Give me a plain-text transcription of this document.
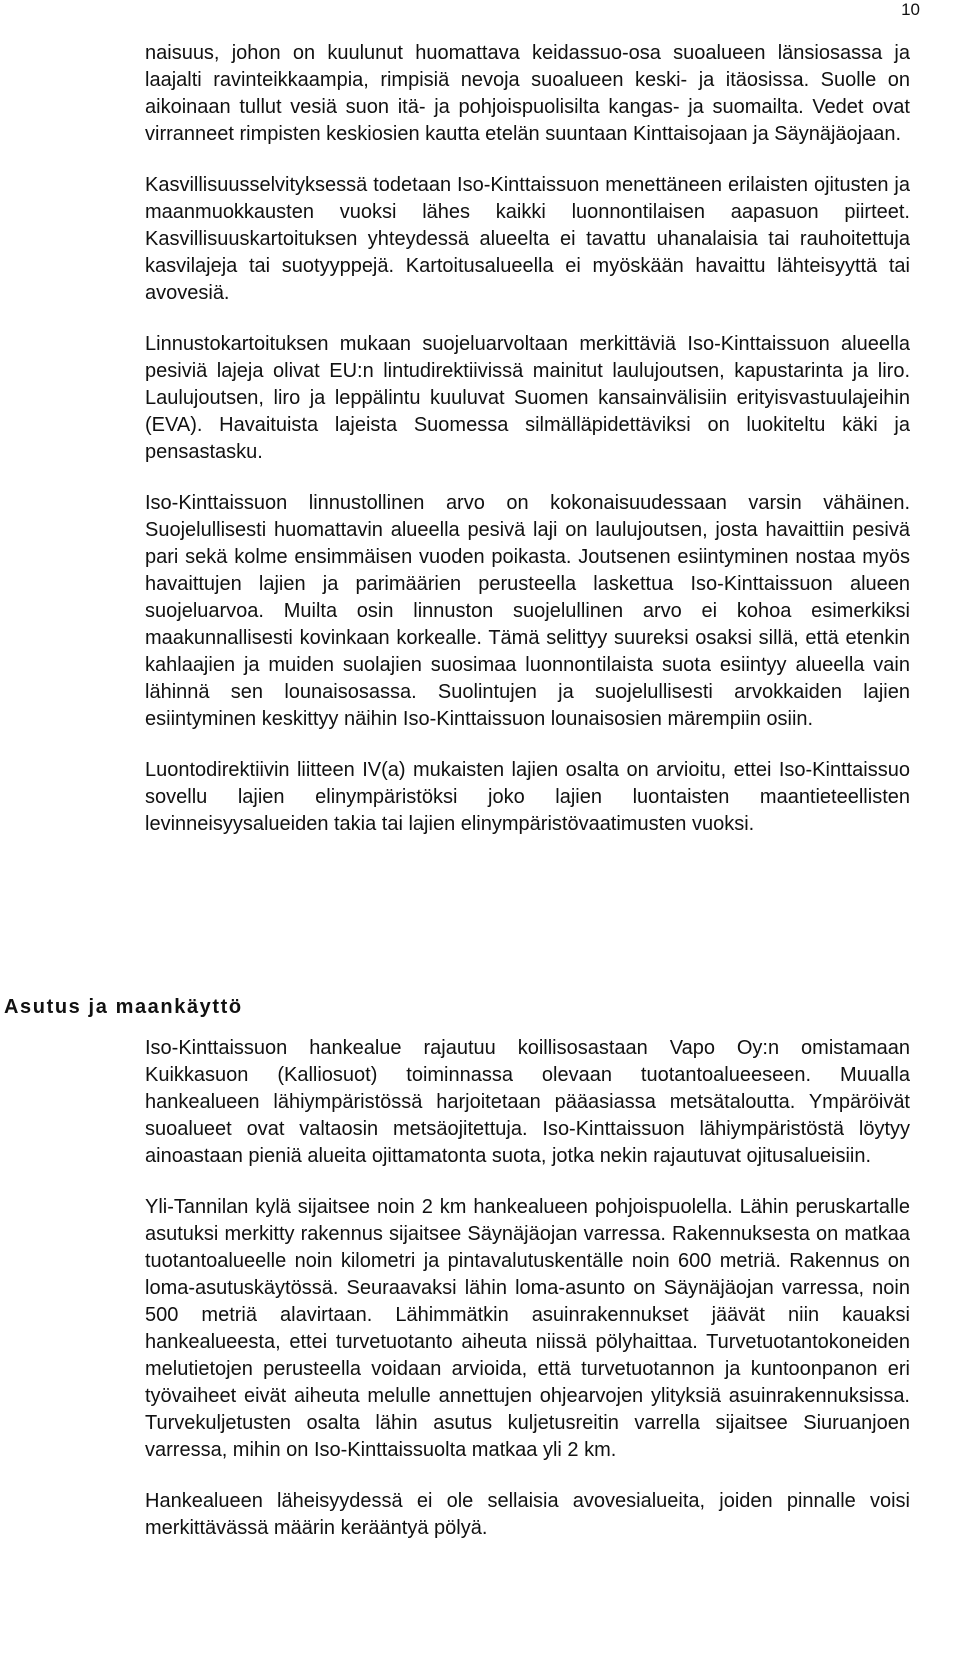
10

naisuus, johon on kuulunut huomattava keidassuo-osa suoalueen länsiosassa ja laajalti ravinteikkaampia, rimpisiä nevoja suoalueen keski- ja itäosissa. Suolle on aikoinaan tullut vesiä suon itä- ja pohjoispuolisilta kangas- ja suomailta. Vedet ovat virranneet rimpisten keskiosien kautta etelän suuntaan Kinttaisojaan ja Säynäjäojaan.

Kasvillisuusselvityksessä todetaan Iso-Kinttaissuon menettäneen erilaisten ojitusten ja maanmuokkausten vuoksi lähes kaikki luonnontilaisen aapasuon piirteet. Kasvillisuuskartoituksen yhteydessä alueelta ei tavattu uhanalaisia tai rauhoitettuja kasvilajeja tai suotyyppejä. Kartoitusalueella ei myöskään havaittu lähteisyyttä tai avovesiä.

Linnustokartoituksen mukaan suojeluarvoltaan merkittäviä Iso-Kinttaissuon alueella pesiviä lajeja olivat EU:n lintudirektiivissä mainitut laulujoutsen, kapustarinta ja liro. Laulujoutsen, liro ja leppälintu kuuluvat Suomen kansainvälisiin erityisvastuulajeihin (EVA). Havaituista lajeista Suomessa silmälläpidettäviksi on luokiteltu käki ja pensastasku.

Iso-Kinttaissuon linnustollinen arvo on kokonaisuudessaan varsin vähäinen. Suojelullisesti huomattavin alueella pesivä laji on laulujoutsen, josta havaittiin pesivä pari sekä kolme ensimmäisen vuoden poikasta. Joutsenen esiintyminen nostaa myös havaittujen lajien ja parimäärien perusteella laskettua Iso-Kinttaissuon alueen suojeluarvoa. Muilta osin linnuston suojelullinen arvo ei kohoa esimerkiksi maakunnallisesti kovinkaan korkealle. Tämä selittyy suureksi osaksi sillä, että etenkin kahlaajien ja muiden suolajien suosimaa luonnontilaista suota esiintyy alueella vain lähinnä sen lounaisosassa. Suolintujen ja suojelullisesti arvokkaiden lajien esiintyminen keskittyy näihin Iso-Kinttaissuon lounaisosien märempiin osiin.

Luontodirektiivin liitteen IV(a) mukaisten lajien osalta on arvioitu, ettei Iso-Kinttaissuo sovellu lajien elinympäristöksi joko lajien luontaisten maantieteellisten levinneisyysalueiden takia tai lajien elinympäristövaatimusten vuoksi.

Asutus ja maankäyttö

Iso-Kinttaissuon hankealue rajautuu koillisosastaan Vapo Oy:n omistamaan Kuikkasuon (Kalliosuot) toiminnassa olevaan tuotantoalueeseen. Muualla hankealueen lähiympäristössä harjoitetaan pääasiassa metsätaloutta. Ympäröivät suoalueet ovat valtaosin metsäojitettuja. Iso-Kinttaissuon lähiympäristöstä löytyy ainoastaan pieniä alueita ojittamatonta suota, jotka nekin rajautuvat ojitusalueisiin.

Yli-Tannilan kylä sijaitsee noin 2 km hankealueen pohjoispuolella. Lähin peruskartalle asutuksi merkitty rakennus sijaitsee Säynäjäojan varressa. Rakennuksesta on matkaa tuotantoalueelle noin kilometri ja pintavalutuskentälle noin 600 metriä. Rakennus on loma-asutuskäytössä. Seuraavaksi lähin loma-asunto on Säynäjäojan varressa, noin 500 metriä alavirtaan. Lähimmätkin asuinrakennukset jäävät niin kauaksi hankealueesta, ettei turvetuotanto aiheuta niissä pölyhaittaa. Turvetuotantokoneiden melutietojen perusteella voidaan arvioida, että turvetuotannon ja kuntoonpanon eri työvaiheet eivät aiheuta melulle annettujen ohjearvojen ylityksiä asuinrakennuksissa. Turvekuljetusten osalta lähin asutus kuljetusreitin varrella sijaitsee Siuruanjoen varressa, mihin on Iso-Kinttaissuolta matkaa yli 2 km.

Hankealueen läheisyydessä ei ole sellaisia avovesialueita, joiden pinnalle voisi merkittävässä määrin kerääntyä pölyä.
